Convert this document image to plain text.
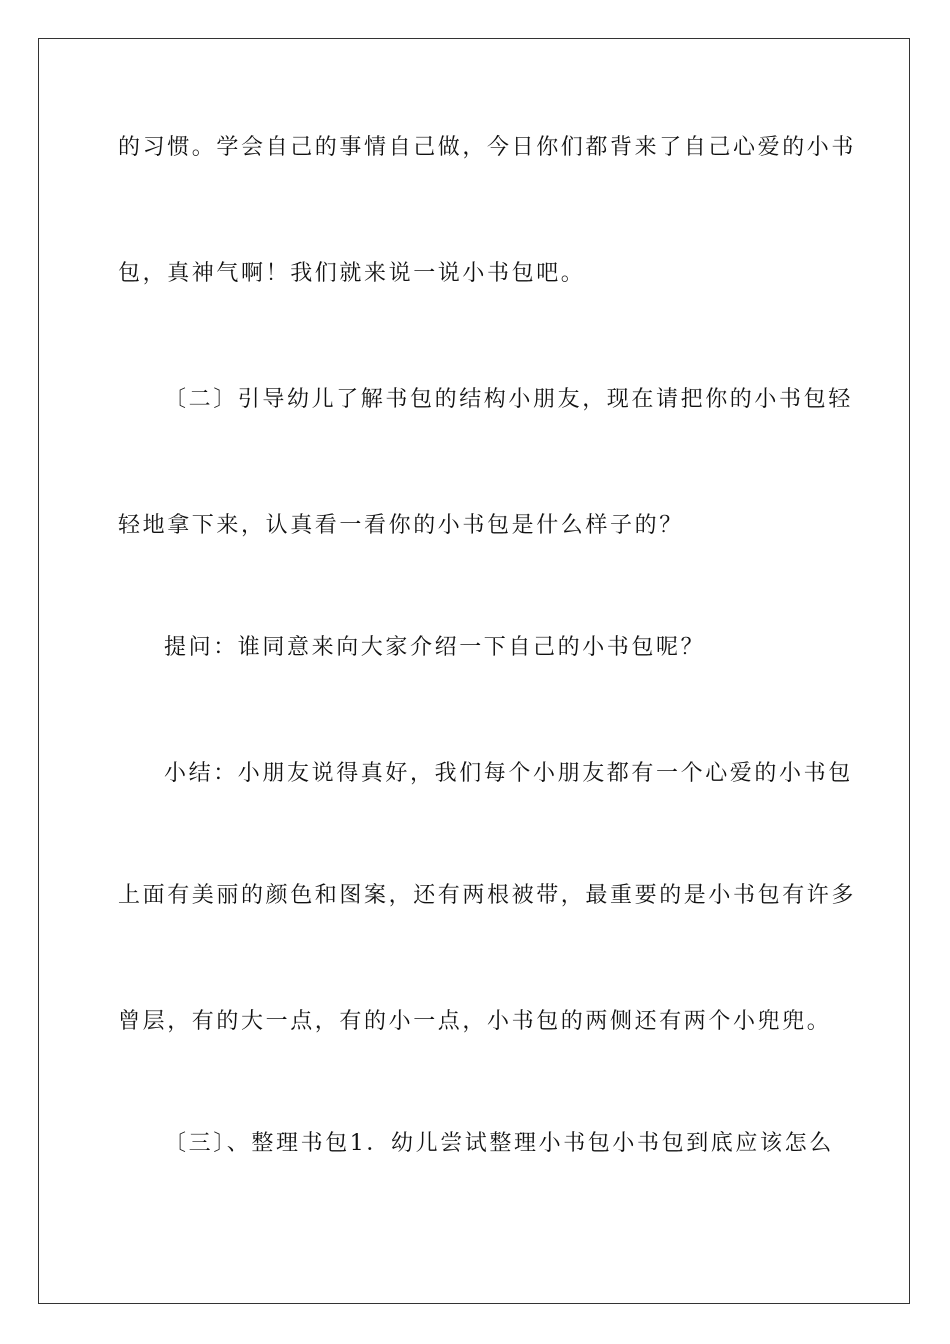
的习惯。学会自己的事情自己做，今日你们都背来了自己心爱的小书
包，真神气啊！我们就来说一说小书包吧。
〔二〕引导幼儿了解书包的结构小朋友，现在请把你的小书包轻
轻地拿下来，认真看一看你的小书包是什么样子的？
提问：谁同意来向大家介绍一下自己的小书包呢？
小结：小朋友说得真好，我们每个小朋友都有一个心爱的小书包
上面有美丽的颜色和图案，还有两根被带，最重要的是小书包有许多
曾层，有的大一点，有的小一点，小书包的两侧还有两个小兜兜。
〔三〕、整理书包1．幼儿尝试整理小书包小书包到底应该怎么
